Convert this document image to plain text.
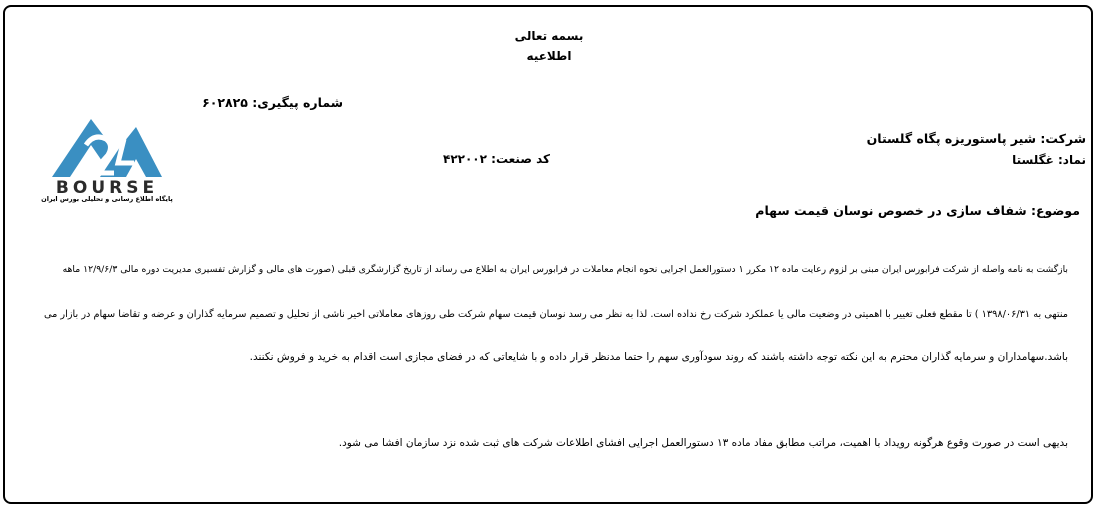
بسمه تعالی
اطلاعیه
شماره پیگیری: ۶۰۲۸۲۵
BOURSE
پایگاه اطلاع رسانی و تحلیلی بورس ایران
شرکت: شیر پاستوریزه پگاه گلستان
نماد: غگلستا
کد صنعت: ۴۲۲۰۰۲
موضوع: شفاف سازی در خصوص نوسان قیمت سهام
بازگشت به نامه واصله از شرکت فرابورس ایران مبنی بر لزوم رعایت ماده ۱۲ مکرر ۱ دستورالعمل اجرایی نحوه انجام معاملات در فرابورس ایران به اطلاع می رساند از تاریخ گزارشگری قبلی (صورت های مالی و گزارش تفسیری مدیریت دوره مالی ۱۲/۹/۶/۳ ماهه
منتهی به ۱۳۹۸/۰۶/۳۱ ) تا مقطع فعلی تغییر با اهمیتی در وضعیت مالی یا عملکرد شرکت رخ نداده است. لذا به نظر می رسد نوسان قیمت سهام شرکت طی روزهای معاملاتی اخیر ناشی از تحلیل و تصمیم سرمایه گذاران و عرضه و تقاضا سهام در بازار می
باشد.سهامداران و سرمایه گذاران محترم به این نکته توجه داشته باشند که روند سودآوری سهم را حتما مدنظر قرار داده و با شایعاتی که در فضای مجازی است اقدام به خرید و فروش نکنند.
بدیهی است در صورت وقوع هرگونه رویداد با اهمیت، مراتب مطابق مفاد ماده ۱۳ دستورالعمل اجرایی افشای اطلاعات شرکت های ثبت شده نزد سازمان افشا می شود.
